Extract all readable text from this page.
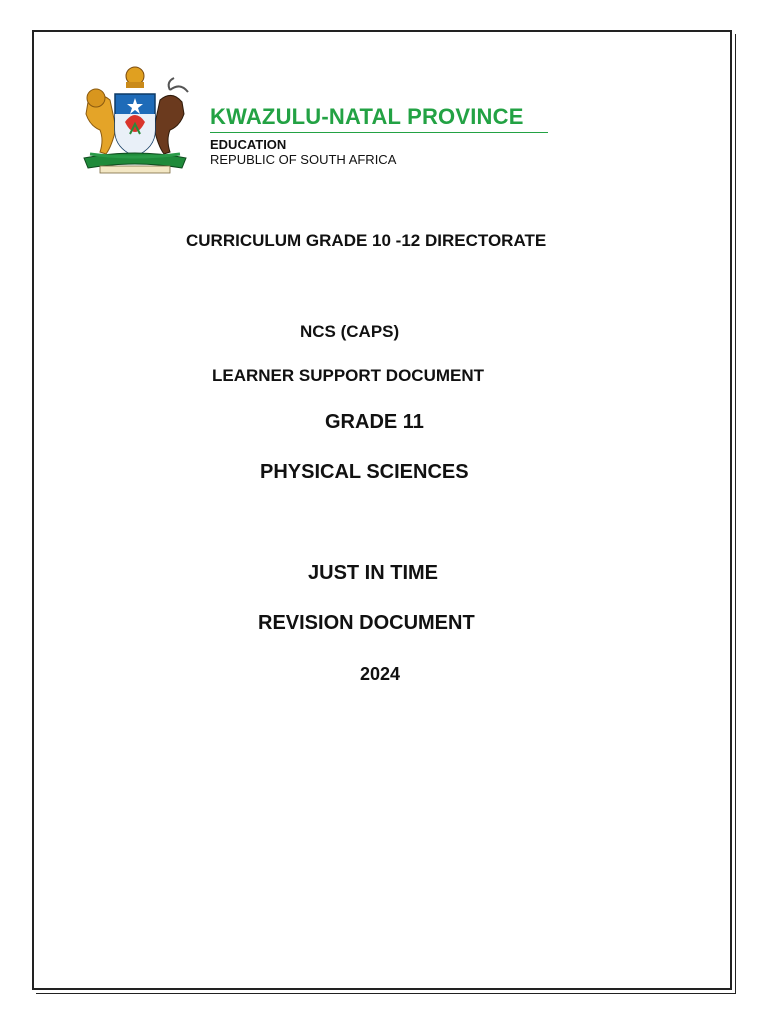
KWAZULU-NATAL PROVINCE
EDUCATION
REPUBLIC OF SOUTH AFRICA
CURRICULUM GRADE 10 -12 DIRECTORATE
NCS (CAPS)
LEARNER SUPPORT DOCUMENT
GRADE 11
PHYSICAL SCIENCES
JUST IN TIME
REVISION DOCUMENT
2024
